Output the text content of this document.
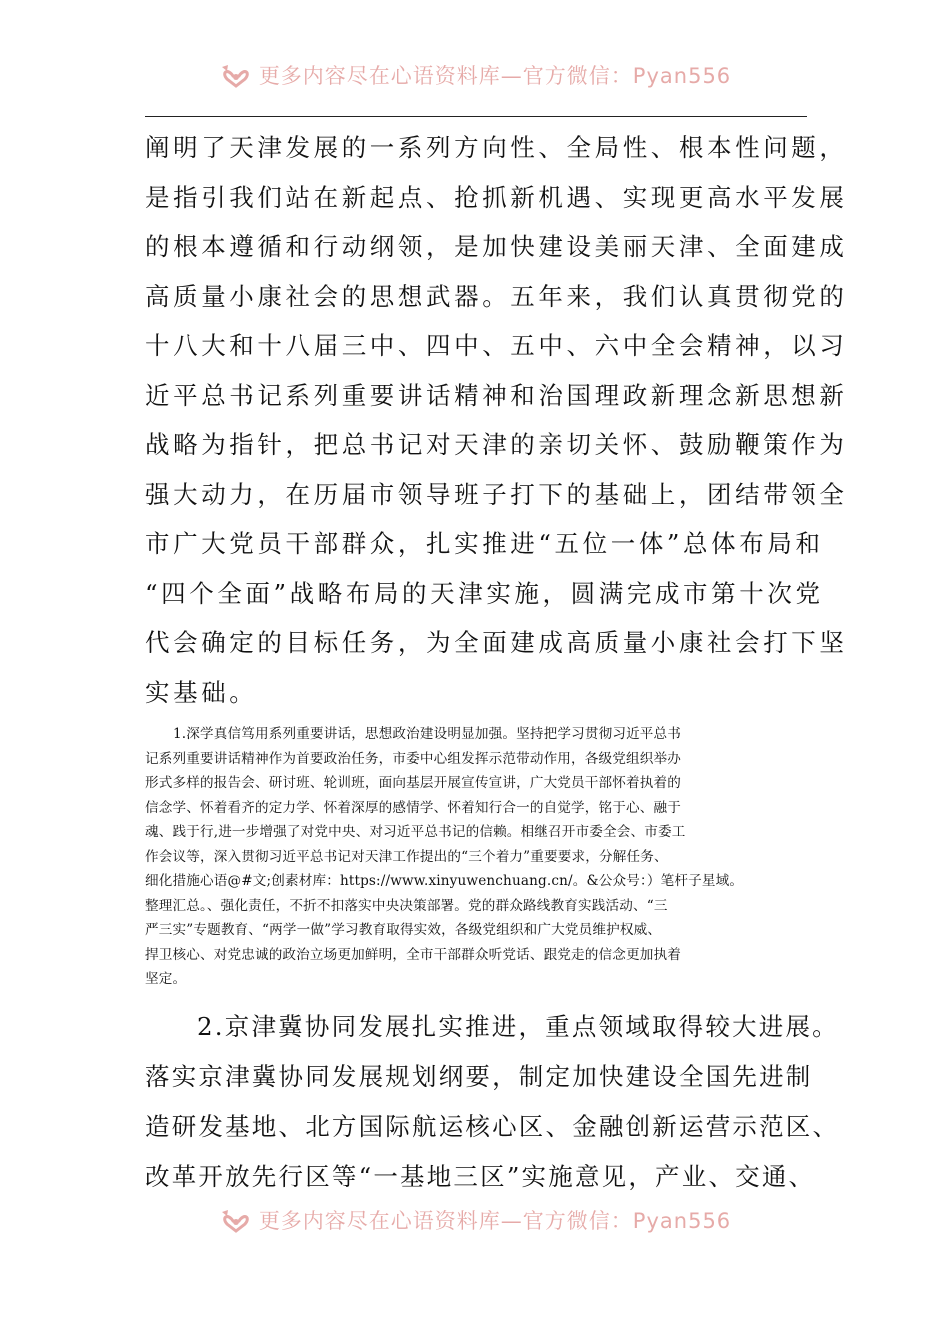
更多内容尽在心语资料库—官方微信：Pyan556
阐明了天津发展的一系列方向性、全局性、根本性问题，
是指引我们站在新起点、抢抓新机遇、实现更高水平发展
的根本遵循和行动纲领，是加快建设美丽天津、全面建成
高质量小康社会的思想武器。五年来，我们认真贯彻党的
十八大和十八届三中、四中、五中、六中全会精神，以习
近平总书记系列重要讲话精神和治国理政新理念新思想新
战略为指针，把总书记对天津的亲切关怀、鼓励鞭策作为
强大动力，在历届市领导班子打下的基础上，团结带领全
市广大党员干部群众，扎实推进“五位一体”总体布局和
“四个全面”战略布局的天津实施，圆满完成市第十次党
代会确定的目标任务，为全面建成高质量小康社会打下坚
实基础。
1.深学真信笃用系列重要讲话，思想政治建设明显加强。坚持把学习贯彻习近平总书
记系列重要讲话精神作为首要政治任务，市委中心组发挥示范带动作用，各级党组织举办
形式多样的报告会、研讨班、轮训班，面向基层开展宣传宣讲，广大党员干部怀着执着的
信念学、怀着看齐的定力学、怀着深厚的感情学、怀着知行合一的自觉学，铭于心、融于
魂、践于行,进一步增强了对党中央、对习近平总书记的信赖。相继召开市委全会、市委工
作会议等，深入贯彻习近平总书记对天津工作提出的“三个着力”重要要求，分解任务、
细化措施心语@#文;创素材库：https://www.xinyuwenchuang.cn/。&公众号：）笔杆子星域。
整理汇总。、强化责任，不折不扣落实中央决策部署。党的群众路线教育实践活动、“三
严三实”专题教育、“两学一做”学习教育取得实效，各级党组织和广大党员维护权威、
捍卫核心、对党忠诚的政治立场更加鲜明，全市干部群众听党话、跟党走的信念更加执着
坚定。
2.京津冀协同发展扎实推进，重点领域取得较大进展。
落实京津冀协同发展规划纲要，制定加快建设全国先进制
造研发基地、北方国际航运核心区、金融创新运营示范区、
改革开放先行区等“一基地三区”实施意见，产业、交通、
更多内容尽在心语资料库—官方微信：Pyan556
